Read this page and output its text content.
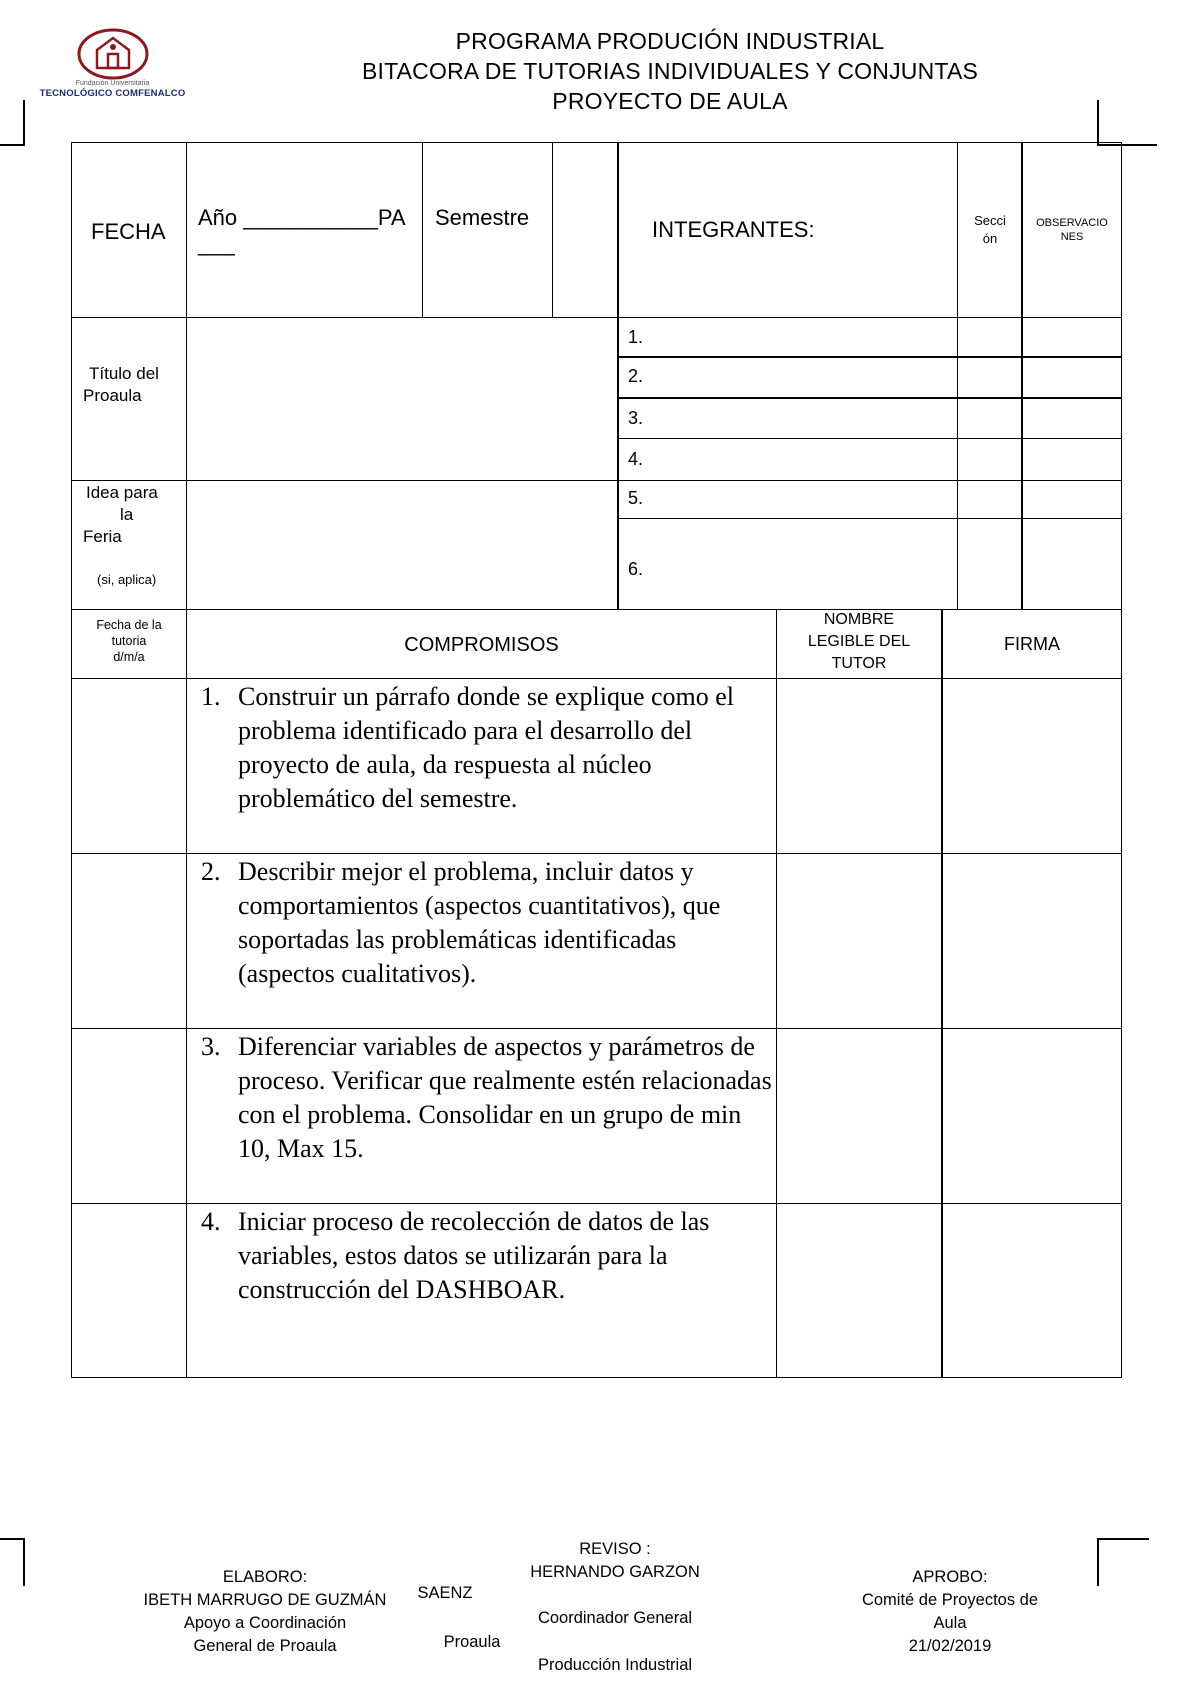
Fundación Universitaria
TECNOLÓGICO COMFENALCO
PROGRAMA PRODUCIÓN INDUSTRIAL
BITACORA DE TUTORIAS INDIVIDUALES Y CONJUNTAS
PROYECTO DE AULA
FECHA
Año ___________PA
___
Semestre	INTEGRANTES:	Secci
ón
OBSERVACIO
NES
Título del
Proaula
Idea para
la
Feria
(si, aplica)
1.
2.
3.
4.
5.
6.
Fecha de la
tutoria
d/m/a
COMPROMISOS
NOMBRE
LEGIBLE DEL
TUTOR
FIRMA
1. Construir un párrafo donde se explique como el problema identificado para el desarrollo del proyecto de aula, da respuesta al núcleo problemático del semestre.
2. Describir mejor el problema, incluir datos y comportamientos (aspectos cuantitativos), que soportadas las problemáticas identificadas (aspectos cualitativos).
3. Diferenciar variables de aspectos y parámetros de proceso. Verificar que realmente estén relacionadas con el problema. Consolidar en un grupo de min 10, Max 15.
4. Iniciar proceso de recolección de datos de las variables, estos datos se utilizarán para la construcción del DASHBOAR.
ELABORO:
IBETH MARRUGO DE GUZMÁN
Apoyo a Coordinación
General de Proaula
SAENZ
Proaula
REVISO :
HERNANDO GARZON
Coordinador General
Producción Industrial
APROBO:
Comité de Proyectos de
Aula
21/02/2019
